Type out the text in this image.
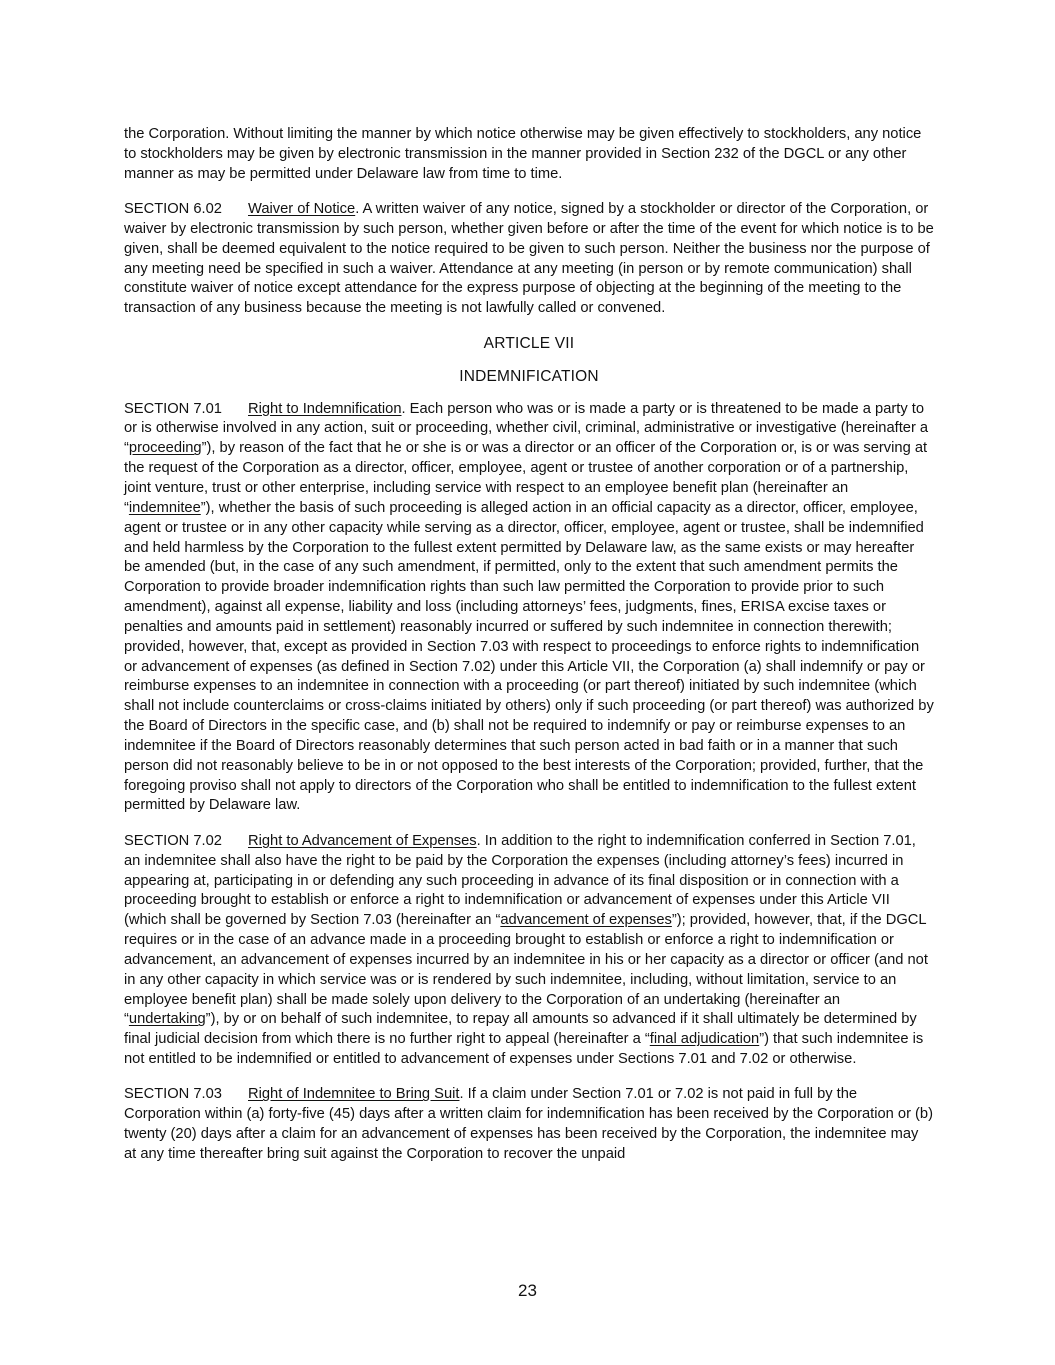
the Corporation. Without limiting the manner by which notice otherwise may be given effectively to stockholders, any notice to stockholders may be given by electronic transmission in the manner provided in Section 232 of the DGCL or any other manner as may be permitted under Delaware law from time to time.

SECTION 6.02 Waiver of Notice. A written waiver of any notice, signed by a stockholder or director of the Corporation, or waiver by electronic transmission by such person, whether given before or after the time of the event for which notice is to be given, shall be deemed equivalent to the notice required to be given to such person. Neither the business nor the purpose of any meeting need be specified in such a waiver. Attendance at any meeting (in person or by remote communication) shall constitute waiver of notice except attendance for the express purpose of objecting at the beginning of the meeting to the transaction of any business because the meeting is not lawfully called or convened.

ARTICLE VII

INDEMNIFICATION

SECTION 7.01 Right to Indemnification. Each person who was or is made a party or is threatened to be made a party to or is otherwise involved in any action, suit or proceeding, whether civil, criminal, administrative or investigative (hereinafter a “proceeding”), by reason of the fact that he or she is or was a director or an officer of the Corporation or, is or was serving at the request of the Corporation as a director, officer, employee, agent or trustee of another corporation or of a partnership, joint venture, trust or other enterprise, including service with respect to an employee benefit plan (hereinafter an “indemnitee”), whether the basis of such proceeding is alleged action in an official capacity as a director, officer, employee, agent or trustee or in any other capacity while serving as a director, officer, employee, agent or trustee, shall be indemnified and held harmless by the Corporation to the fullest extent permitted by Delaware law, as the same exists or may hereafter be amended (but, in the case of any such amendment, if permitted, only to the extent that such amendment permits the Corporation to provide broader indemnification rights than such law permitted the Corporation to provide prior to such amendment), against all expense, liability and loss (including attorneys’ fees, judgments, fines, ERISA excise taxes or penalties and amounts paid in settlement) reasonably incurred or suffered by such indemnitee in connection therewith; provided, however, that, except as provided in Section 7.03 with respect to proceedings to enforce rights to indemnification or advancement of expenses (as defined in Section 7.02) under this Article VII, the Corporation (a) shall indemnify or pay or reimburse expenses to an indemnitee in connection with a proceeding (or part thereof) initiated by such indemnitee (which shall not include counterclaims or cross-claims initiated by others) only if such proceeding (or part thereof) was authorized by the Board of Directors in the specific case, and (b) shall not be required to indemnify or pay or reimburse expenses to an indemnitee if the Board of Directors reasonably determines that such person acted in bad faith or in a manner that such person did not reasonably believe to be in or not opposed to the best interests of the Corporation; provided, further, that the foregoing proviso shall not apply to directors of the Corporation who shall be entitled to indemnification to the fullest extent permitted by Delaware law.

SECTION 7.02 Right to Advancement of Expenses. In addition to the right to indemnification conferred in Section 7.01, an indemnitee shall also have the right to be paid by the Corporation the expenses (including attorney’s fees) incurred in appearing at, participating in or defending any such proceeding in advance of its final disposition or in connection with a proceeding brought to establish or enforce a right to indemnification or advancement of expenses under this Article VII (which shall be governed by Section 7.03 (hereinafter an “advancement of expenses”); provided, however, that, if the DGCL requires or in the case of an advance made in a proceeding brought to establish or enforce a right to indemnification or advancement, an advancement of expenses incurred by an indemnitee in his or her capacity as a director or officer (and not in any other capacity in which service was or is rendered by such indemnitee, including, without limitation, service to an employee benefit plan) shall be made solely upon delivery to the Corporation of an undertaking (hereinafter an “undertaking”), by or on behalf of such indemnitee, to repay all amounts so advanced if it shall ultimately be determined by final judicial decision from which there is no further right to appeal (hereinafter a “final adjudication”) that such indemnitee is not entitled to be indemnified or entitled to advancement of expenses under Sections 7.01 and 7.02 or otherwise.

SECTION 7.03 Right of Indemnitee to Bring Suit. If a claim under Section 7.01 or 7.02 is not paid in full by the Corporation within (a) forty-five (45) days after a written claim for indemnification has been received by the Corporation or (b) twenty (20) days after a claim for an advancement of expenses has been received by the Corporation, the indemnitee may at any time thereafter bring suit against the Corporation to recover the unpaid

23
